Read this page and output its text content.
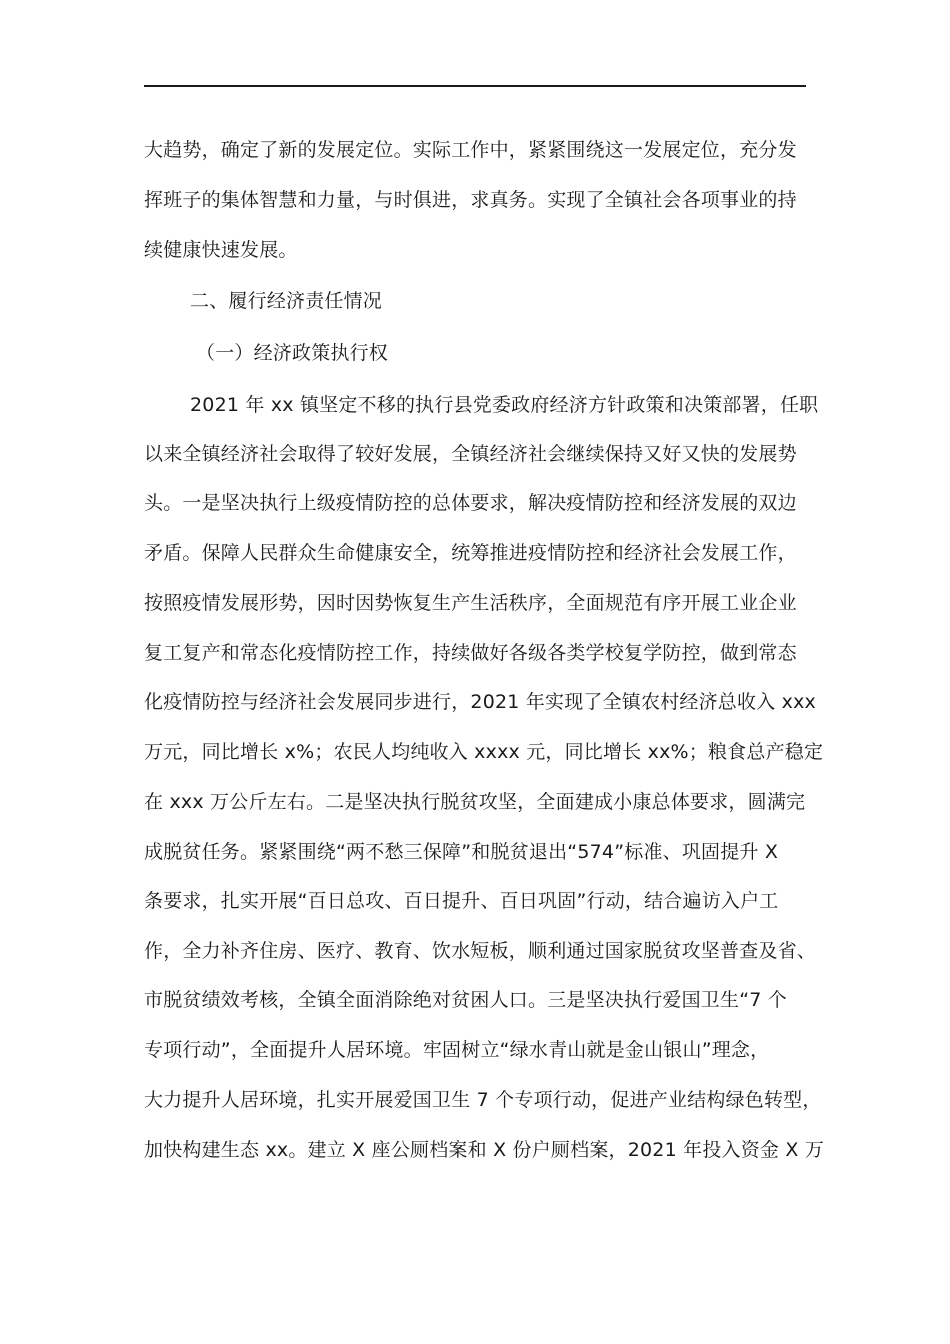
大趋势，确定了新的发展定位。实际工作中，紧紧围绕这一发展定位，充分发
挥班子的集体智慧和力量，与时俱进，求真务。实现了全镇社会各项事业的持
续健康快速发展。
二、履行经济责任情况
（一）经济政策执行权
2021 年 xx 镇坚定不移的执行县党委政府经济方针政策和决策部署，任职
以来全镇经济社会取得了较好发展，全镇经济社会继续保持又好又快的发展势
头。一是坚决执行上级疫情防控的总体要求，解决疫情防控和经济发展的双边
矛盾。保障人民群众生命健康安全，统筹推进疫情防控和经济社会发展工作，
按照疫情发展形势，因时因势恢复生产生活秩序，全面规范有序开展工业企业
复工复产和常态化疫情防控工作，持续做好各级各类学校复学防控，做到常态
化疫情防控与经济社会发展同步进行，2021 年实现了全镇农村经济总收入 xxx
万元，同比增长 x%；农民人均纯收入 xxxx 元，同比增长 xx%；粮食总产稳定
在 xxx 万公斤左右。二是坚决执行脱贫攻坚，全面建成小康总体要求，圆满完
成脱贫任务。紧紧围绕“两不愁三保障”和脱贫退出“574”标准、巩固提升 X
条要求，扎实开展“百日总攻、百日提升、百日巩固”行动，结合遍访入户工
作，全力补齐住房、医疗、教育、饮水短板，顺利通过国家脱贫攻坚普查及省、
市脱贫绩效考核，全镇全面消除绝对贫困人口。三是坚决执行爱国卫生“7 个
专项行动”，全面提升人居环境。牢固树立“绿水青山就是金山银山”理念，
大力提升人居环境，扎实开展爱国卫生 7 个专项行动，促进产业结构绿色转型，
加快构建生态 xx。建立 X 座公厕档案和 X 份户厕档案，2021 年投入资金 X 万
